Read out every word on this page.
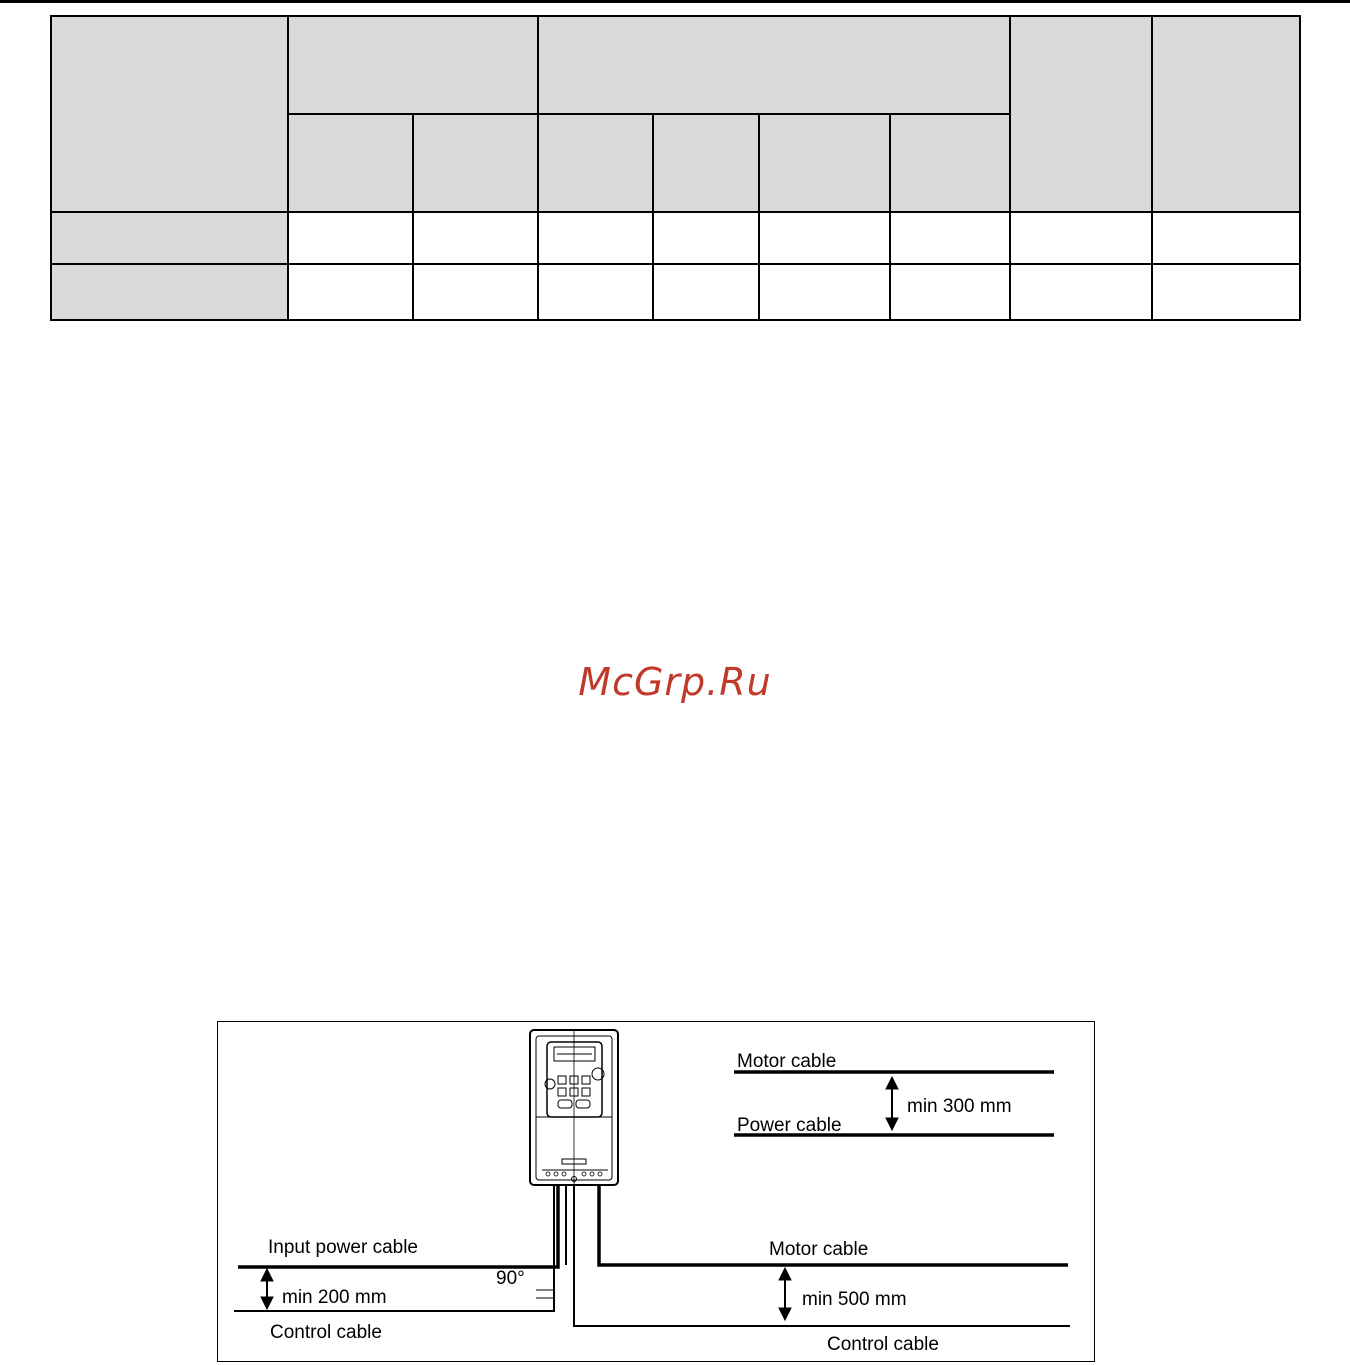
McGrp.Ru
Motor cable
Power cable
min 300 mm
Input power cable
min 200 mm
90°
Control cable
Motor cable
min 500 mm
Control cable
